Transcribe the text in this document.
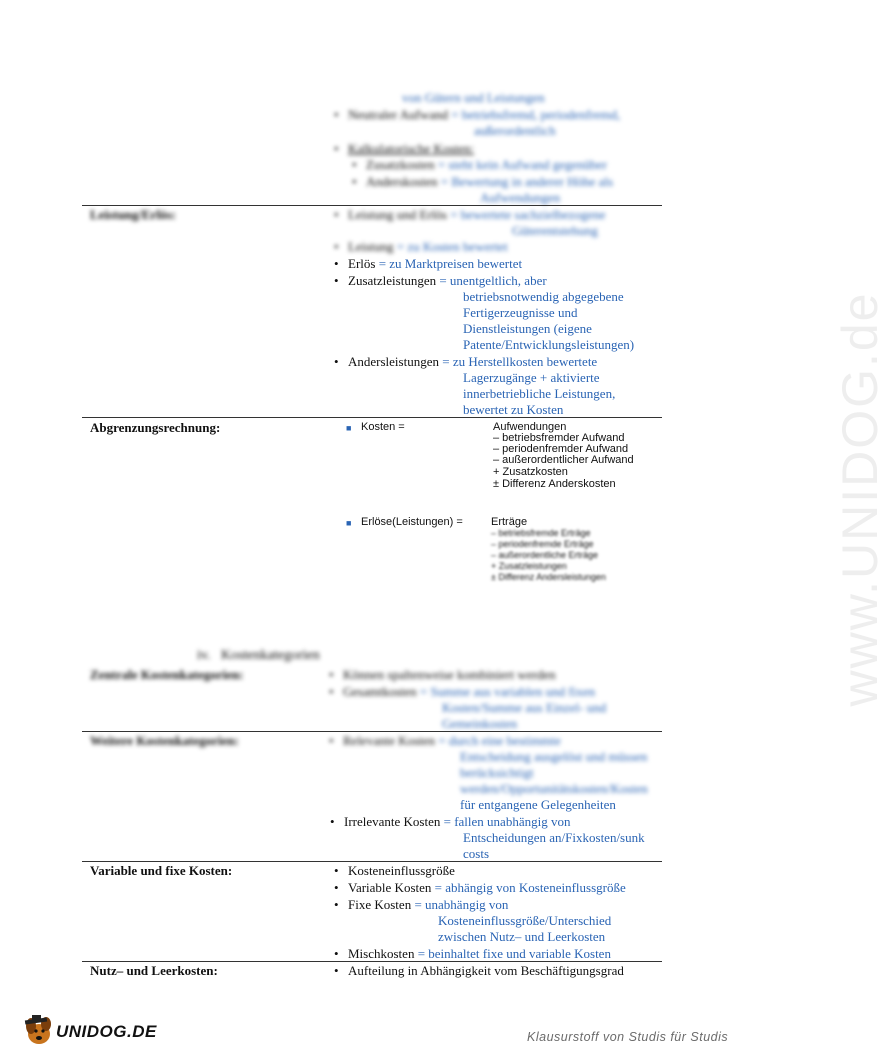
www.UNIDOG.de
von Gütern und Leistungen
• Neutraler Aufwand = betriebsfremd, periodenfremd,
außerordentlich
• Kalkulatorische Kosten:
• Zusatzkosten = steht kein Aufwand gegenüber
• Anderskosten = Bewertung in anderer Höhe als
Aufwendungen
Leistung/Erlös:	• Leistung und Erlös = bewertete sachzielbezogene
Güterentstehung
• Leistung = zu Kosten bewertet
• Erlös = zu Marktpreisen bewertet
• Zusatzleistungen = unentgeltlich, aber
betriebsnotwendig abgegebene
Fertigerzeugnisse und
Dienstleistungen (eigene
Patente/Entwicklungsleistungen)
• Andersleistungen = zu Herstellkosten bewertete
Lagerzugänge + aktivierte
innerbetriebliche Leistungen,
bewertet zu Kosten
Abgrenzungsrechnung:	■ Kosten =	Aufwendungen
– betriebsfremder Aufwand
– periodenfremder Aufwand
– außerordentlicher Aufwand
+ Zusatzkosten
± Differenz Anderskosten
■ Erlöse(Leistungen) =	Erträge
– betriebsfremde Erträge
– periodenfremde Erträge
– außerordentliche Erträge
+ Zusatzleistungen
± Differenz Andersleistungen
iv. Kostenkategorien
Zentrale Kostenkategorien:	• Können spaltenweise kombiniert werden
• Gesamtkosten = Summe aus variablen und fixen
Kosten/Summe aus Einzel- und
Gemeinkosten
Weitere Kostenkategorien:	• Relevante Kosten = durch eine bestimmte
Entscheidung ausgelöst und müssen
berücksichtigt
werden/Opportunitätskosten/Kosten
für entgangene Gelegenheiten
• Irrelevante Kosten = fallen unabhängig von
Entscheidungen an/Fixkosten/sunk
costs
Variable und fixe Kosten:	• Kosteneinflussgröße
• Variable Kosten = abhängig von Kosteneinflussgröße
• Fixe Kosten = unabhängig von
Kosteneinflussgröße/Unterschied
zwischen Nutz– und Leerkosten
• Mischkosten = beinhaltet fixe und variable Kosten
Nutz– und Leerkosten:	• Aufteilung in Abhängigkeit vom Beschäftigungsgrad
UNIDOG.DE	Klausurstoff von Studis für Studis
